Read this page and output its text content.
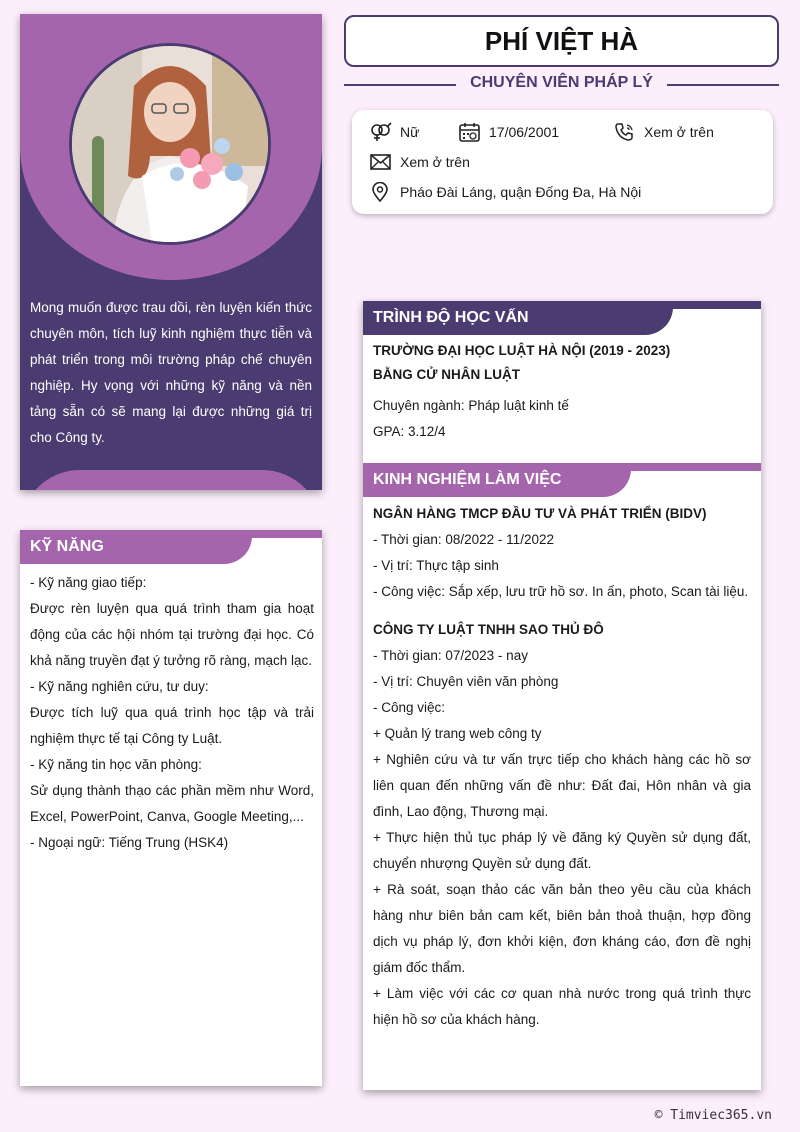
Mong muốn được trau dồi, rèn luyện kiến thức chuyên môn, tích luỹ kinh nghiệm thực tiễn và phát triển trong môi trường pháp chế chuyên nghiệp. Hy vọng với những kỹ năng và nền tảng sẵn có sẽ mang lại được những giá trị cho Công ty.
KỸ NĂNG
- Kỹ năng giao tiếp:
Được rèn luyện qua quá trình tham gia hoạt động của các hội nhóm tại trường đại học. Có khả năng truyền đạt ý tưởng rõ ràng, mạch lạc.
- Kỹ năng nghiên cứu, tư duy:
Được tích luỹ qua quá trình học tập và trải nghiệm thực tế tại Công ty Luật.
- Kỹ năng tin học văn phòng:
Sử dụng thành thạo các phần mềm như Word, Excel, PowerPoint, Canva, Google Meeting,...
- Ngoại ngữ: Tiếng Trung (HSK4)
PHÍ VIỆT HÀ
CHUYÊN VIÊN PHÁP LÝ
Nữ	17/06/2001	Xem ở trên
Xem ở trên
Pháo Đài Láng, quận Đống Đa, Hà Nội
TRÌNH ĐỘ HỌC VẤN
TRƯỜNG ĐẠI HỌC LUẬT HÀ NỘI (2019 - 2023)
BẰNG CỬ NHÂN LUẬT
Chuyên ngành: Pháp luật kinh tế
GPA: 3.12/4
KINH NGHIỆM LÀM VIỆC
NGÂN HÀNG TMCP ĐẦU TƯ VÀ PHÁT TRIỂN (BIDV)
- Thời gian: 08/2022 - 11/2022
- Vị trí: Thực tập sinh
- Công việc: Sắp xếp, lưu trữ hồ sơ. In ấn, photo, Scan tài liệu.
CÔNG TY LUẬT TNHH SAO THỦ ĐÔ
- Thời gian: 07/2023 - nay
- Vị trí: Chuyên viên văn phòng
- Công việc:
+ Quản lý trang web công ty
+ Nghiên cứu và tư vấn trực tiếp cho khách hàng các hồ sơ liên quan đến những vấn đề như: Đất đai, Hôn nhân và gia đình, Lao động, Thương mại.
+ Thực hiện thủ tục pháp lý về đăng ký Quyền sử dụng đất, chuyển nhượng Quyền sử dụng đất.
+ Rà soát, soạn thảo các văn bản theo yêu cầu của khách hàng như biên bản cam kết, biên bản thoả thuận, hợp đồng dịch vụ pháp lý, đơn khởi kiện, đơn kháng cáo, đơn đề nghị giám đốc thẩm.
+ Làm việc với các cơ quan nhà nước trong quá trình thực hiện hồ sơ của khách hàng.
© Timviec365.vn
